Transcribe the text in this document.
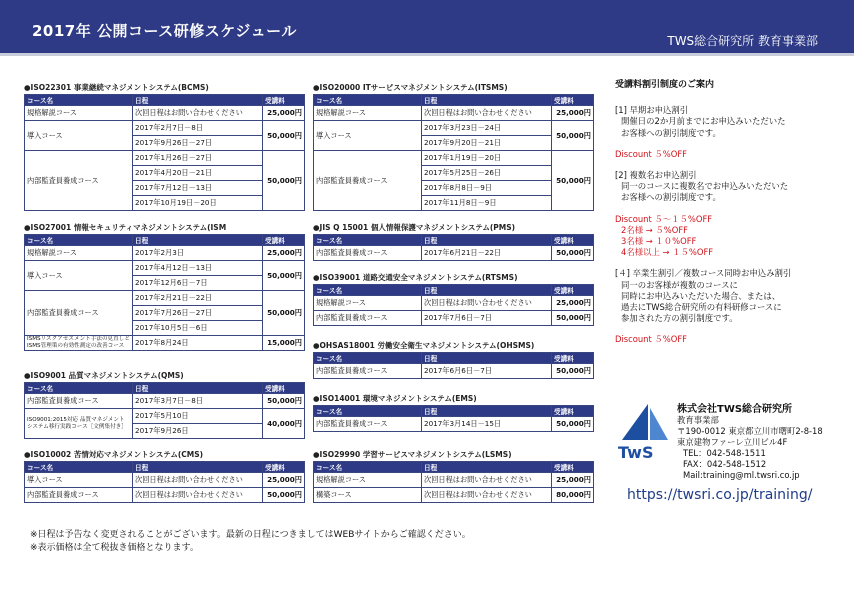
2017年 公開コース研修スケジュール
TWS総合研究所 教育事業部
●ISO22301 事業継続マネジメントシステム(BCMS)
コース名	日程	受講料
規格解説コース	次回日程はお問い合わせください	25,000円
導入コース	2017年2月7日－8日	50,000円
	2017年9月26日－27日	
内部監査員養成コース	2017年1月26日－27日	50,000円
	2017年4月20日－21日	
	2017年7月12日－13日	
	2017年10月19日－20日	
●ISO27001 情報セキュリティマネジメントシステム(ISM
コース名	日程	受講料
規格解説コース	2017年2月3日	25,000円
導入コース	2017年4月12日－13日	50,000円
	2017年12月6日－7日	
内部監査員養成コース	2017年2月21日－22日	50,000円
	2017年7月26日－27日	
	2017年10月5日－6日	
ISMSリスクアセスメント手法の見直しとISMS管理策の有効性測定の改善コース	2017年8月24日	15,000円
●ISO9001 品質マネジメントシステム(QMS)
コース名	日程	受講料
内部監査員養成コース	2017年3月7日－8日	50,000円
ISO9001:2015対応 品質マネジメントシステム移行実践コース［文例集付き］	2017年5月10日	40,000円
	2017年9月26日	
●ISO10002 苦情対応マネジメントシステム(CMS)
コース名	日程	受講料
導入コース	次回日程はお問い合わせください	25,000円
内部監査員養成コース	次回日程はお問い合わせください	50,000円
●ISO20000 ITサービスマネジメントシステム(ITSMS)
コース名	日程	受講料
規格解説コース	次回日程はお問い合わせください	25,000円
導入コース	2017年3月23日－24日	50,000円
	2017年9月20日－21日	
内部監査員養成コース	2017年1月19日－20日	50,000円
	2017年5月25日－26日	
	2017年8月8日－9日	
	2017年11月8日－9日	
●JIS Q 15001 個人情報保護マネジメントシステム(PMS)
コース名	日程	受講料
内部監査員養成コース	2017年6月21日－22日	50,000円
●ISO39001 道路交通安全マネジメントシステム(RTSMS)
コース名	日程	受講料
規格解説コース	次回日程はお問い合わせください	25,000円
内部監査員養成コース	2017年7月6日－7日	50,000円
●OHSAS18001 労働安全衛生マネジメントシステム(OHSMS)
コース名	日程	受講料
内部監査員養成コース	2017年6月6日－7日	50,000円
●ISO14001 環境マネジメントシステム(EMS)
コース名	日程	受講料
内部監査員養成コース	2017年3月14日－15日	50,000円
●ISO29990 学習サービスマネジメントシステム(LSMS)
コース名	日程	受講料
規格解説コース	次回日程はお問い合わせください	25,000円
構築コース	次回日程はお問い合わせください	80,000円
受講料割引制度のご案内
[1] 早期お申込割引
開催日の2か月前までにお申込みいただいた
お客様への割引制度です。
Discount ５%OFF
[2] 複数名お申込割引
同一のコースに複数名でお申込みいただいた
お客様への割引制度です。
Discount ５～１５%OFF
2名様 → ５%OFF
3名様 → １０%OFF
4名様以上 → １５%OFF
[４] 卒業生割引／複数コース同時お申込み割引
同一のお客様が複数のコースに
同時にお申込みいただいた場合、または、
過去にTWS総合研究所の有料研修コースに
参加された方の割引制度です。
Discount ５%OFF
TwS
株式会社TWS総合研究所
教育事業部
〒190-0012 東京都立川市曙町2-8-18
東京建物ファーレ立川ビル4F
TEL：042-548-1511
FAX：042-548-1512
Mail:training@ml.twsri.co.jp
https://twsri.co.jp/training/
※日程は予告なく変更されることがございます。最新の日程につきましてはWEBサイトからご確認ください。
※表示価格は全て税抜き価格となります。
